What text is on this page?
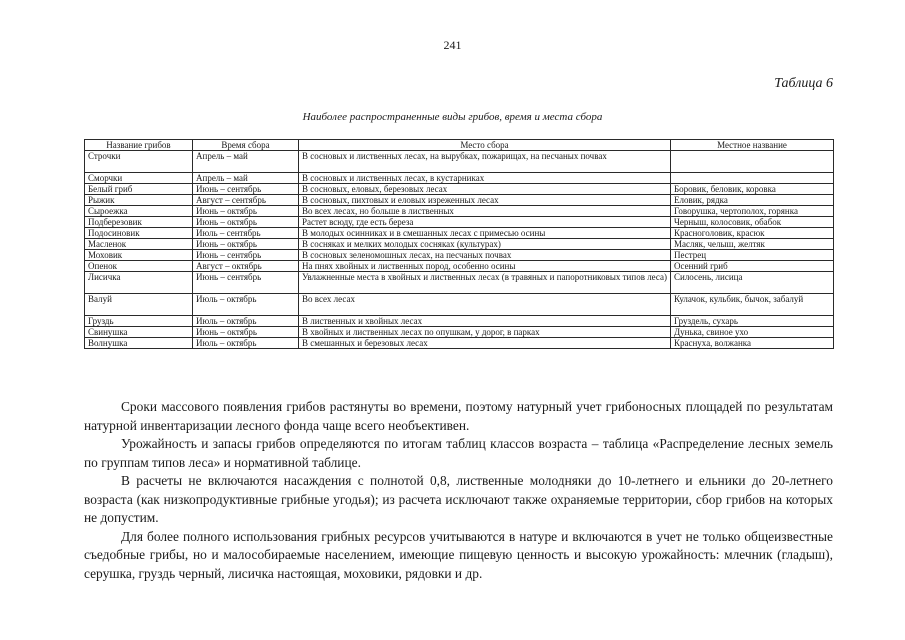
241
Таблица 6
Наиболее распространенные виды грибов, время и места сбора
Название грибов	Время сбора	Место сбора	Местное название
Строчки	Апрель – май	В сосновых и лиственных лесах, на вырубках, пожарищах, на песчаных почвах	
Сморчки	Апрель – май	В сосновых и лиственных лесах, в кустарниках	
Белый гриб	Июнь – сентябрь	В сосновых, еловых, березовых лесах	Боровик, беловик, коровка
Рыжик	Август – сентябрь	В сосновых, пихтовых и еловых изреженных лесах	Еловик, рядка
Сыроежка	Июнь – октябрь	Во всех лесах, но больше в лиственных	Говорушка, чертополох, горянка
Подберезовик	Июнь – октябрь	Растет всюду, где есть береза	Черныш, колосовик, обабок
Подосиновик	Июль – сентябрь	В молодых осинниках и в смешанных лесах с примесью осины	Красноголовик, красюк
Масленок	Июнь – октябрь	В сосняках и мелких молодых сосняках (культурах)	Масляк, челыш, желтяк
Моховик	Июнь – сентябрь	В сосновых зеленомошных лесах, на песчаных почвах	Пестрец
Опенок	Август – октябрь	На пнях хвойных и лиственных пород, особенно осины	Осенний гриб
Лисичка	Июнь – сентябрь	Увлажненные места в хвойных и лиственных лесах (в травяных и папоротниковых типов леса)	Силосень, лисица
Валуй	Июль – октябрь	Во всех лесах	Кулачок, кульбик, бычок, забалуй
Груздь	Июль – октябрь	В лиственных и хвойных лесах	Груздель, сухарь
Свинушка	Июнь – октябрь	В хвойных и лиственных лесах по опушкам, у дорог, в парках	Дунька, свиное ухо
Волнушка	Июль – октябрь	В смешанных и березовых лесах	Краснуха, волжанка

Сроки массового появления грибов растянуты во времени, поэтому натурный учет грибоносных площадей по результатам натурной инвентаризации лесного фонда чаще всего необъективен.

Урожайность и запасы грибов определяются по итогам таблиц классов возраста – таблица «Распределение лесных земель по группам типов леса» и нормативной таблице.

В расчеты не включаются насаждения с полнотой 0,8, лиственные молодняки до 10-летнего и ельники до 20-летнего возраста (как низкопродуктивные грибные угодья); из расчета исключают также охраняемые территории, сбор грибов на которых не допустим.

Для более полного использования грибных ресурсов учитываются в натуре и включаются в учет не только общеизвестные съедобные грибы, но и малособираемые населением, имеющие пищевую ценность и высокую урожайность: млечник (гладыш), серушка, груздь черный, лисичка настоящая, моховики, рядовки и др.
